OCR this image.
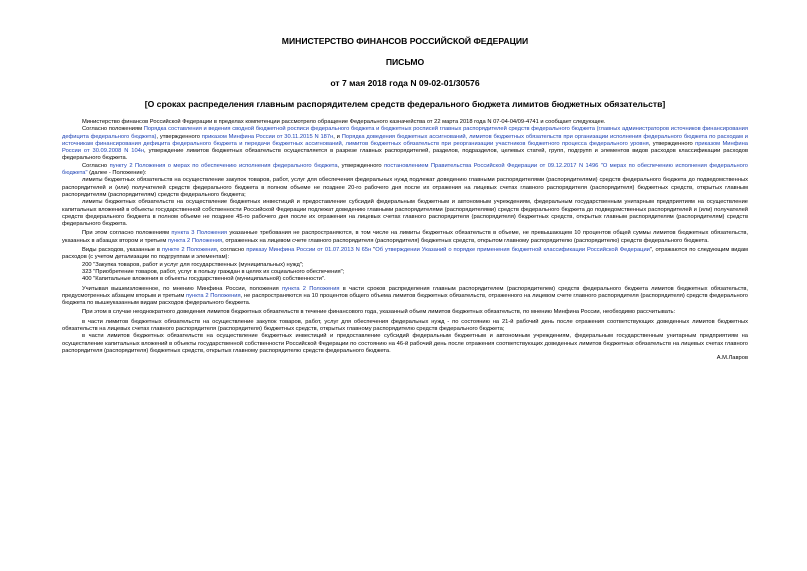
МИНИСТЕРСТВО ФИНАНСОВ РОССИЙСКОЙ ФЕДЕРАЦИИ
ПИСЬМО
от 7 мая 2018 года N 09-02-01/30576
[О сроках распределения главным распорядителем средств федерального бюджета лимитов бюджетных обязательств]

Министерство финансов Российской Федерации в пределах компетенции рассмотрело обращение Федерального казначейства от 22 марта 2018 года N 07-04-04/09-4741 и сообщает следующее.

Согласно положениям Порядка составления и ведения сводной бюджетной росписи федерального бюджета и бюджетных росписей главных распорядителей средств федерального бюджета (главных администраторов источников финансирования дефицита федерального бюджета), утвержденного приказом Минфина России от 30.11.2015 N 187н, и Порядка доведения бюджетных ассигнований, лимитов бюджетных обязательств при организации исполнения федерального бюджета по расходам и источникам финансирования дефицита федерального бюджета и передачи бюджетных ассигнований, лимитов бюджетных обязательств при реорганизации участников бюджетного процесса федерального уровня, утвержденного приказом Минфина России от 30.09.2008 N 104н, утверждение лимитов бюджетных обязательств осуществляется в разрезе главных распорядителей, разделов, подразделов, целевых статей, групп, подгрупп и элементов видов расходов классификации расходов федерального бюджета.

Согласно пункту 2 Положения о мерах по обеспечению исполнения федерального бюджета, утвержденного постановлением Правительства Российской Федерации от 09.12.2017 N 1496 "О мерах по обеспечению исполнения федерального бюджета" (далее - Положение):

лимиты бюджетных обязательств на осуществление закупок товаров, работ, услуг для обеспечения федеральных нужд подлежат доведению главными распорядителями (распорядителями) средств федерального бюджета до подведомственных распорядителей и (или) получателей средств федерального бюджета в полном объеме не позднее 20-го рабочего дня после их отражения на лицевых счетах главного распорядителя (распорядителя) бюджетных средств, открытых главным распорядителям (распорядителям) средств федерального бюджета;

лимиты бюджетных обязательств на осуществление бюджетных инвестиций и предоставление субсидий федеральным бюджетным и автономным учреждениям, федеральным государственным унитарным предприятиям на осуществление капитальных вложений в объекты государственной собственности Российской Федерации подлежат доведению главными распорядителями (распорядителями) средств федерального бюджета до подведомственных распорядителей и (или) получателей средств федерального бюджета в полном объеме не позднее 45-го рабочего дня после их отражения на лицевых счетах главного распорядителя (распорядителя) бюджетных средств, открытых главным распорядителям (распорядителям) средств федерального бюджета.

При этом согласно положениям пункта 3 Положения указанные требования не распространяются, в том числе на лимиты бюджетных обязательств в объеме, не превышающем 10 процентов общей суммы лимитов бюджетных обязательств, указанных в абзацах втором и третьем пункта 2 Положения, отраженных на лицевом счете главного распорядителя (распорядителя) бюджетных средств, открытом главному распорядителю (распорядителю) средств федерального бюджета.

Виды расходов, указанные в пункте 2 Положения, согласно приказу Минфина России от 01.07.2013 N 65н "Об утверждении Указаний о порядке применения бюджетной классификации Российской Федерации", отражаются по следующим видам расходов (с учетом детализации по подгруппам и элементам):

200 "Закупка товаров, работ и услуг для государственных (муниципальных) нужд";

323 "Приобретение товаров, работ, услуг в пользу граждан в целях их социального обеспечения";

400 "Капитальные вложения в объекты государственной (муниципальной) собственности".

Учитывая вышеизложенное, по мнению Минфина России, положения пункта 2 Положения в части сроков распределения главным распорядителем (распорядителем) средств федерального бюджета лимитов бюджетных обязательств, предусмотренных абзацем вторым и третьим пункта 2 Положения, не распространяются на 10 процентов общего объема лимитов бюджетных обязательств, отраженного на лицевом счете главного распорядителя (распорядителя) средств федерального бюджета по вышеуказанным видам расходов федерального бюджета.

При этом в случае неоднократного доведения лимитов бюджетных обязательств в течение финансового года, указанный объем лимитов бюджетных обязательств, по мнению Минфина России, необходимо рассчитывать:

в части лимитов бюджетных обязательств на осуществление закупок товаров, работ, услуг для обеспечения федеральных нужд - по состоянию на 21-й рабочий день после отражения соответствующих доведенных лимитов бюджетных обязательств на лицевых счетах главного распорядителя (распорядителя) бюджетных средств, открытых главному распорядителю средств федерального бюджета;

в части лимитов бюджетных обязательств на осуществление бюджетных инвестиций и предоставление субсидий федеральным бюджетным и автономным учреждениям, федеральным государственным унитарным предприятиям на осуществление капитальных вложений в объекты государственной собственности Российской Федерации по состоянию на 46-й рабочий день после отражения соответствующих доведенных лимитов бюджетных обязательств на лицевых счетах главного распорядителя (распорядителя) бюджетных средств, открытых главному распорядителю средств федерального бюджета.

А.М.Лавров
